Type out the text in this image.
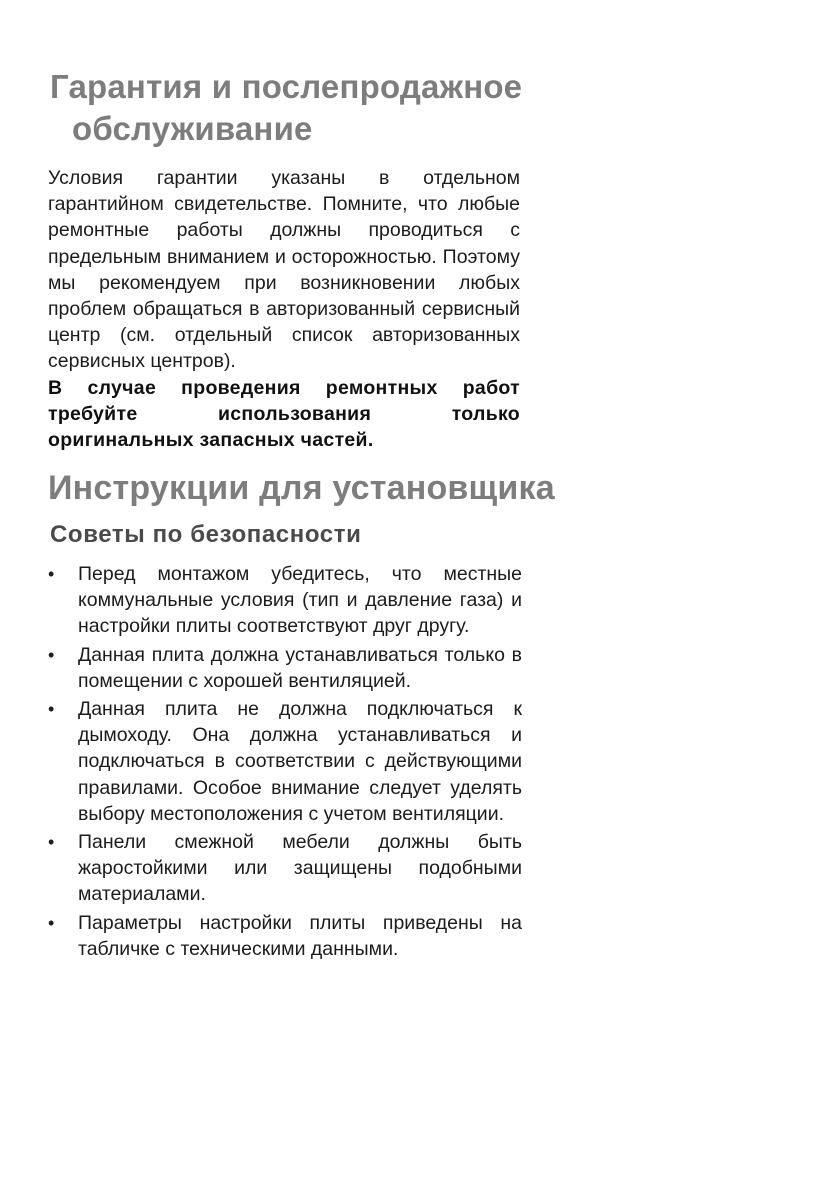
Гарантия и послепродажное
обслуживание

Условия гарантии указаны в отдельном гарантийном свидетельстве. Помните, что любые ремонтные работы должны проводиться с предельным вниманием и осторожностью. Поэтому мы рекомендуем при возникновении любых проблем обращаться в авторизованный сервисный центр (см. отдельный список авторизованных сервисных центров).

В случае проведения ремонтных работ требуйте использования только оригинальных запасных частей.

Инструкции для установщика
Советы по безопасности
•	Перед монтажом убедитесь, что местные коммунальные условия (тип и давление газа) и настройки плиты соответствуют друг другу.
•	Данная плита должна устанавливаться только в помещении с хорошей вентиляцией.
•	Данная плита не должна подключаться к дымоходу. Она должна устанавливаться и подключаться в соответствии с действующими правилами. Особое внимание следует уделять выбору местоположения с учетом вентиляции.
•	Панели смежной мебели должны быть жаростойкими или защищены подобными материалами.
•	Параметры настройки плиты приведены на табличке с техническими данными.
